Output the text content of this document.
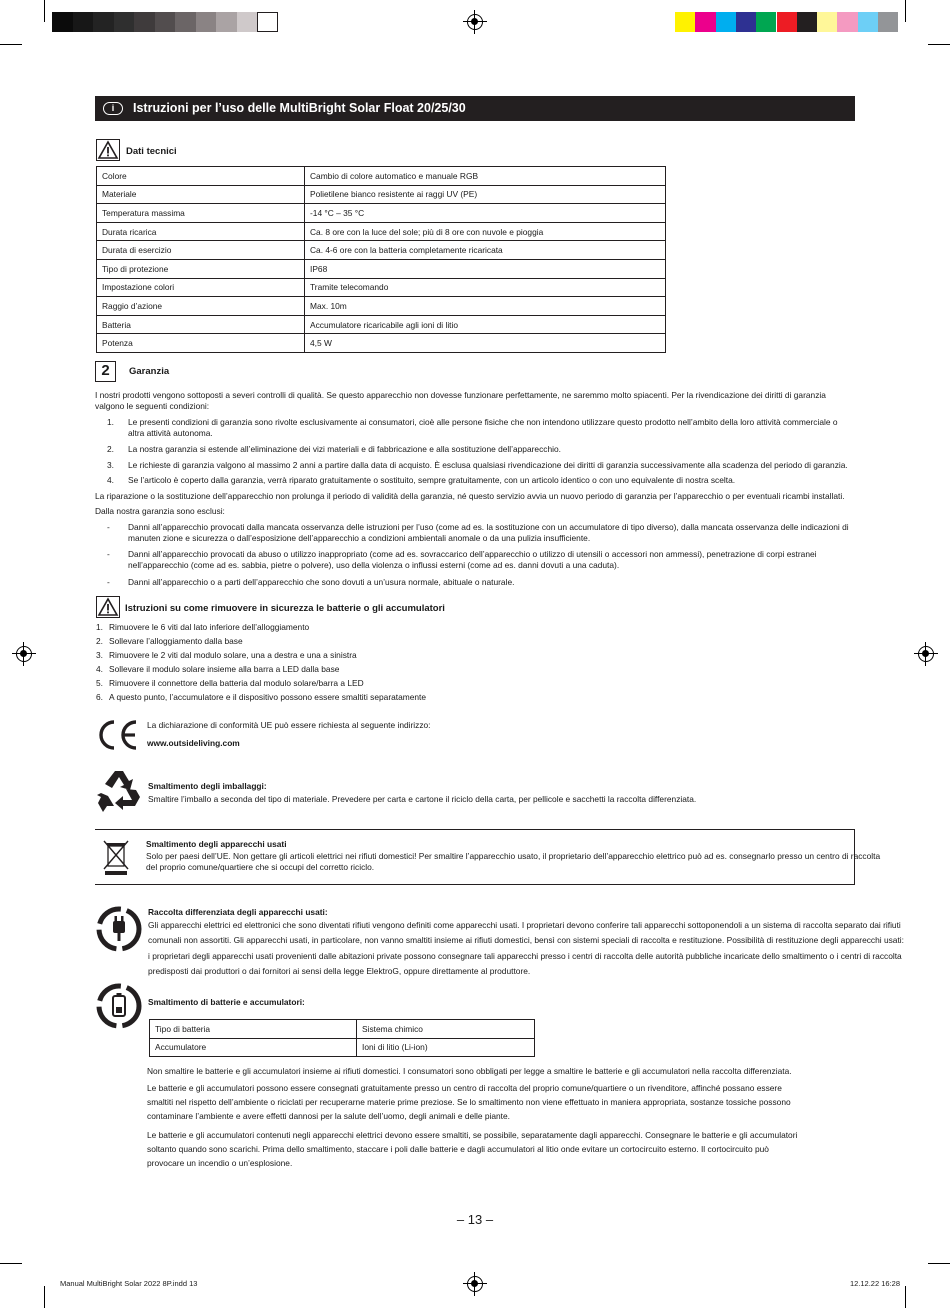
i	Istruzioni per l’uso delle MultiBright Solar Float 20/25/30
Dati tecnici
Colore	Cambio di colore automatico e manuale RGB
Materiale	Polietilene bianco resistente ai raggi UV (PE)
Temperatura massima	-14 °C – 35 °C
Durata ricarica	Ca. 8 ore con la luce del sole; più di 8 ore con nuvole e pioggia
Durata di esercizio	Ca. 4-6 ore con la batteria completamente ricaricata
Tipo di protezione	IP68
Impostazione colori	Tramite telecomando
Raggio d’azione	Max. 10m
Batteria	Accumulatore ricaricabile agli ioni di litio
Potenza	4,5 W
2	Garanzia
I nostri prodotti vengono sottoposti a severi controlli di qualità. Se questo apparecchio non dovesse funzionare perfettamente, ne saremmo molto spiacenti. Per la rivendicazione dei diritti di garanzia valgono le seguenti condizioni:
1.	Le presenti condizioni di garanzia sono rivolte esclusivamente ai consumatori, cioè alle persone fisiche che non intendono utilizzare questo prodotto nell’ambito della loro attività commerciale o altra attività autonoma.
2.	La nostra garanzia si estende all’eliminazione dei vizi materiali e di fabbricazione e alla sostituzione dell’apparecchio.
3.	Le richieste di garanzia valgono al massimo 2 anni a partire dalla data di acquisto. È esclusa qualsiasi rivendicazione dei diritti di garanzia successivamente alla scadenza del periodo di garanzia.
4.	Se l’articolo è coperto dalla garanzia, verrà riparato gratuitamente o sostituito, sempre gratuitamente, con un articolo identico o con uno equivalente di nostra scelta.
La riparazione o la sostituzione dell’apparecchio non prolunga il periodo di validità della garanzia, né questo servizio avvia un nuovo periodo di garanzia per l’apparecchio o per eventuali ricambi installati.
Dalla nostra garanzia sono esclusi:
-	Danni all’apparecchio provocati dalla mancata osservanza delle istruzioni per l’uso (come ad es. la sostituzione con un accumulatore di tipo diverso), dalla mancata osservanza delle indicazioni di manuten zione e sicurezza o dall’esposizione dell’apparecchio a condizioni ambientali anomale o da una pulizia insufficiente.
-	Danni all’apparecchio provocati da abuso o utilizzo inappropriato (come ad es. sovraccarico dell’apparecchio o utilizzo di utensili o accessori non ammessi), penetrazione di corpi estranei nell’apparecchio (come ad es. sabbia, pietre o polvere), uso della violenza o influssi esterni (come ad es. danni dovuti a una caduta).
-	Danni all’apparecchio o a parti dell’apparecchio che sono dovuti a un’usura normale, abituale o naturale.
Istruzioni su come rimuovere in sicurezza le batterie o gli accumulatori
1. Rimuovere le 6 viti dal lato inferiore dell’alloggiamento
2. Sollevare l’alloggiamento dalla base
3. Rimuovere le 2 viti dal modulo solare, una a destra e una a sinistra
4. Sollevare il modulo solare insieme alla barra a LED dalla base
5. Rimuovere il connettore della batteria dal modulo solare/barra a LED
6. A questo punto, l’accumulatore e il dispositivo possono essere smaltiti separatamente
La dichiarazione di conformità UE può essere richiesta al seguente indirizzo:
www.outsideliving.com
Smaltimento degli imballaggi:
Smaltire l’imballo a seconda del tipo di materiale. Prevedere per carta e cartone il riciclo della carta, per pellicole e sacchetti la raccolta differenziata.
Smaltimento degli apparecchi usati
Solo per paesi dell’UE. Non gettare gli articoli elettrici nei rifiuti domestici! Per smaltire l’apparecchio usato, il proprietario dell’apparecchio elettrico può ad es. consegnarlo presso un centro di raccolta
del proprio comune/quartiere che si occupi del corretto riciclo.
Raccolta differenziata degli apparecchi usati:
Gli apparecchi elettrici ed elettronici che sono diventati rifiuti vengono definiti come apparecchi usati. I proprietari devono conferire tali apparecchi sottoponendoli a un sistema di raccolta separato dai rifiuti
comunali non assortiti. Gli apparecchi usati, in particolare, non vanno smaltiti insieme ai rifiuti domestici, bensì con sistemi speciali di raccolta e restituzione. Possibilità di restituzione degli apparecchi usati:
i proprietari degli apparecchi usati provenienti dalle abitazioni private possono consegnare tali apparecchi presso i centri di raccolta delle autorità pubbliche incaricate dello smaltimento o i centri di raccolta
predisposti dai produttori o dai fornitori ai sensi della legge ElektroG, oppure direttamente al produttore.
Smaltimento di batterie e accumulatori:
Tipo di batteria	Sistema chimico
Accumulatore	Ioni di litio (Li-ion)
Non smaltire le batterie e gli accumulatori insieme ai rifiuti domestici. I consumatori sono obbligati per legge a smaltire le batterie e gli accumulatori nella raccolta differenziata.
Le batterie e gli accumulatori possono essere consegnati gratuitamente presso un centro di raccolta del proprio comune/quartiere o un rivenditore, affinché possano essere
smaltiti nel rispetto dell’ambiente o riciclati per recuperarne materie prime preziose. Se lo smaltimento non viene effettuato in maniera appropriata, sostanze tossiche possono
contaminare l’ambiente e avere effetti dannosi per la salute dell’uomo, degli animali e delle piante.
Le batterie e gli accumulatori contenuti negli apparecchi elettrici devono essere smaltiti, se possibile, separatamente dagli apparecchi. Consegnare le batterie e gli accumulatori
soltanto quando sono scarichi. Prima dello smaltimento, staccare i poli dalle batterie e dagli accumulatori al litio onde evitare un cortocircuito esterno. Il cortocircuito può
provocare un incendio o un’esplosione.
– 13 –
Manual MultiBright Solar 2022 8P.indd 13	12.12.22 16:28
